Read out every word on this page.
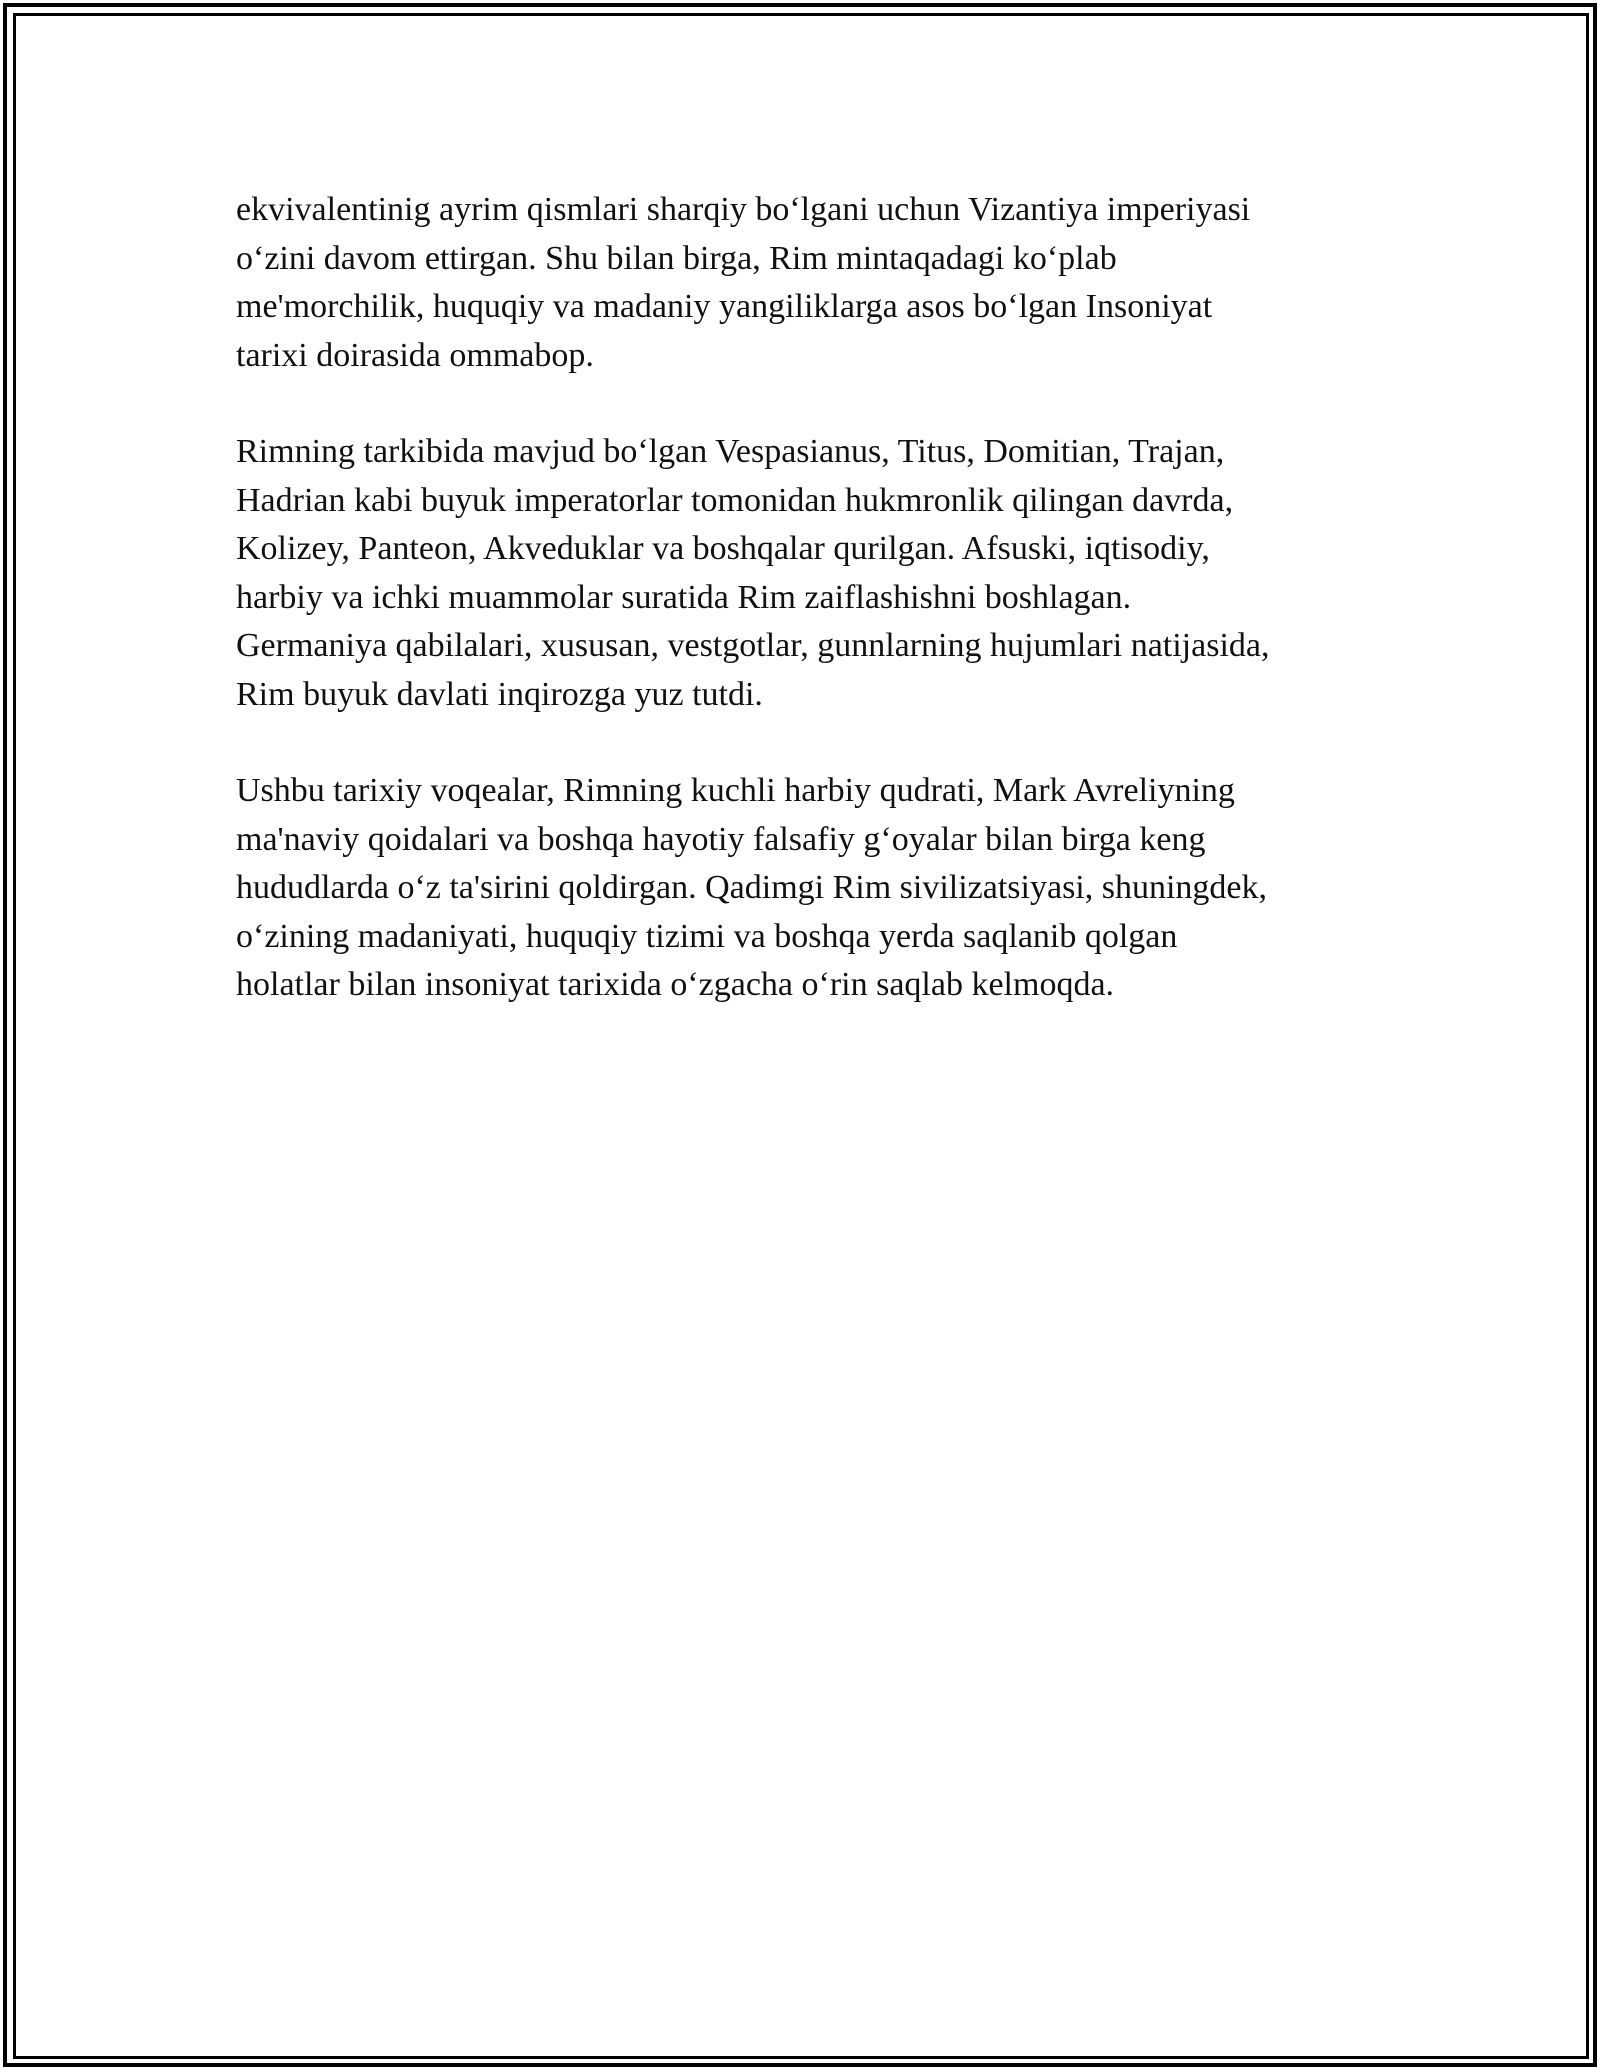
ekvivalentinig ayrim qismlari sharqiy bo‘lgani uchun Vizantiya imperiyasi
o‘zini davom ettirgan. Shu bilan birga, Rim mintaqadagi ko‘plab
me'morchilik, huquqiy va madaniy yangiliklarga asos bo‘lgan Insoniyat
tarixi doirasida ommabop.

Rimning tarkibida mavjud bo‘lgan Vespasianus, Titus, Domitian, Trajan,
Hadrian kabi buyuk imperatorlar tomonidan hukmronlik qilingan davrda,
Kolizey, Panteon, Akveduklar va boshqalar qurilgan. Afsuski, iqtisodiy,
harbiy va ichki muammolar suratida Rim zaiflashishni boshlagan.
Germaniya qabilalari, xususan, vestgotlar, gunnlarning hujumlari natijasida,
Rim buyuk davlati inqirozga yuz tutdi.

Ushbu tarixiy voqealar, Rimning kuchli harbiy qudrati, Mark Avreliyning
ma'naviy qoidalari va boshqa hayotiy falsafiy g‘oyalar bilan birga keng
hududlarda o‘z ta'sirini qoldirgan. Qadimgi Rim sivilizatsiyasi, shuningdek,
o‘zining madaniyati, huquqiy tizimi va boshqa yerda saqlanib qolgan
holatlar bilan insoniyat tarixida o‘zgacha o‘rin saqlab kelmoqda.
